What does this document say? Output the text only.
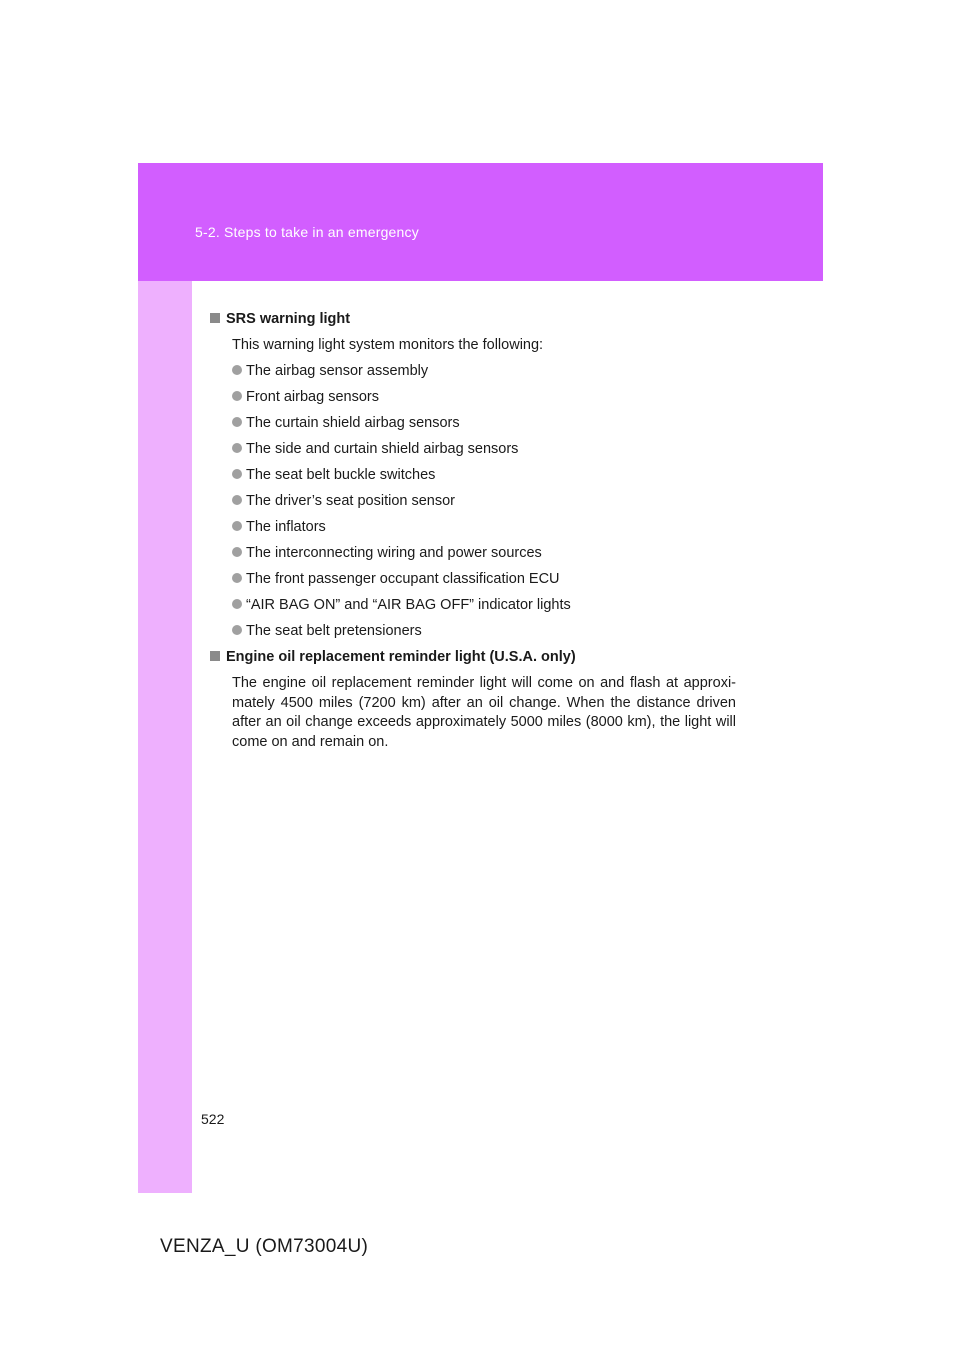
5-2. Steps to take in an emergency
SRS warning light
This warning light system monitors the following:
The airbag sensor assembly
Front airbag sensors
The curtain shield airbag sensors
The side and curtain shield airbag sensors
The seat belt buckle switches
The driver’s seat position sensor
The inflators
The interconnecting wiring and power sources
The front passenger occupant classification ECU
“AIR BAG ON” and “AIR BAG OFF” indicator lights
The seat belt pretensioners
Engine oil replacement reminder light (U.S.A. only)
The engine oil replacement reminder light will come on and flash at approxi-mately 4500 miles (7200 km) after an oil change. When the distance driven after an oil change exceeds approximately 5000 miles (8000 km), the light will come on and remain on.
522
VENZA_U (OM73004U)
